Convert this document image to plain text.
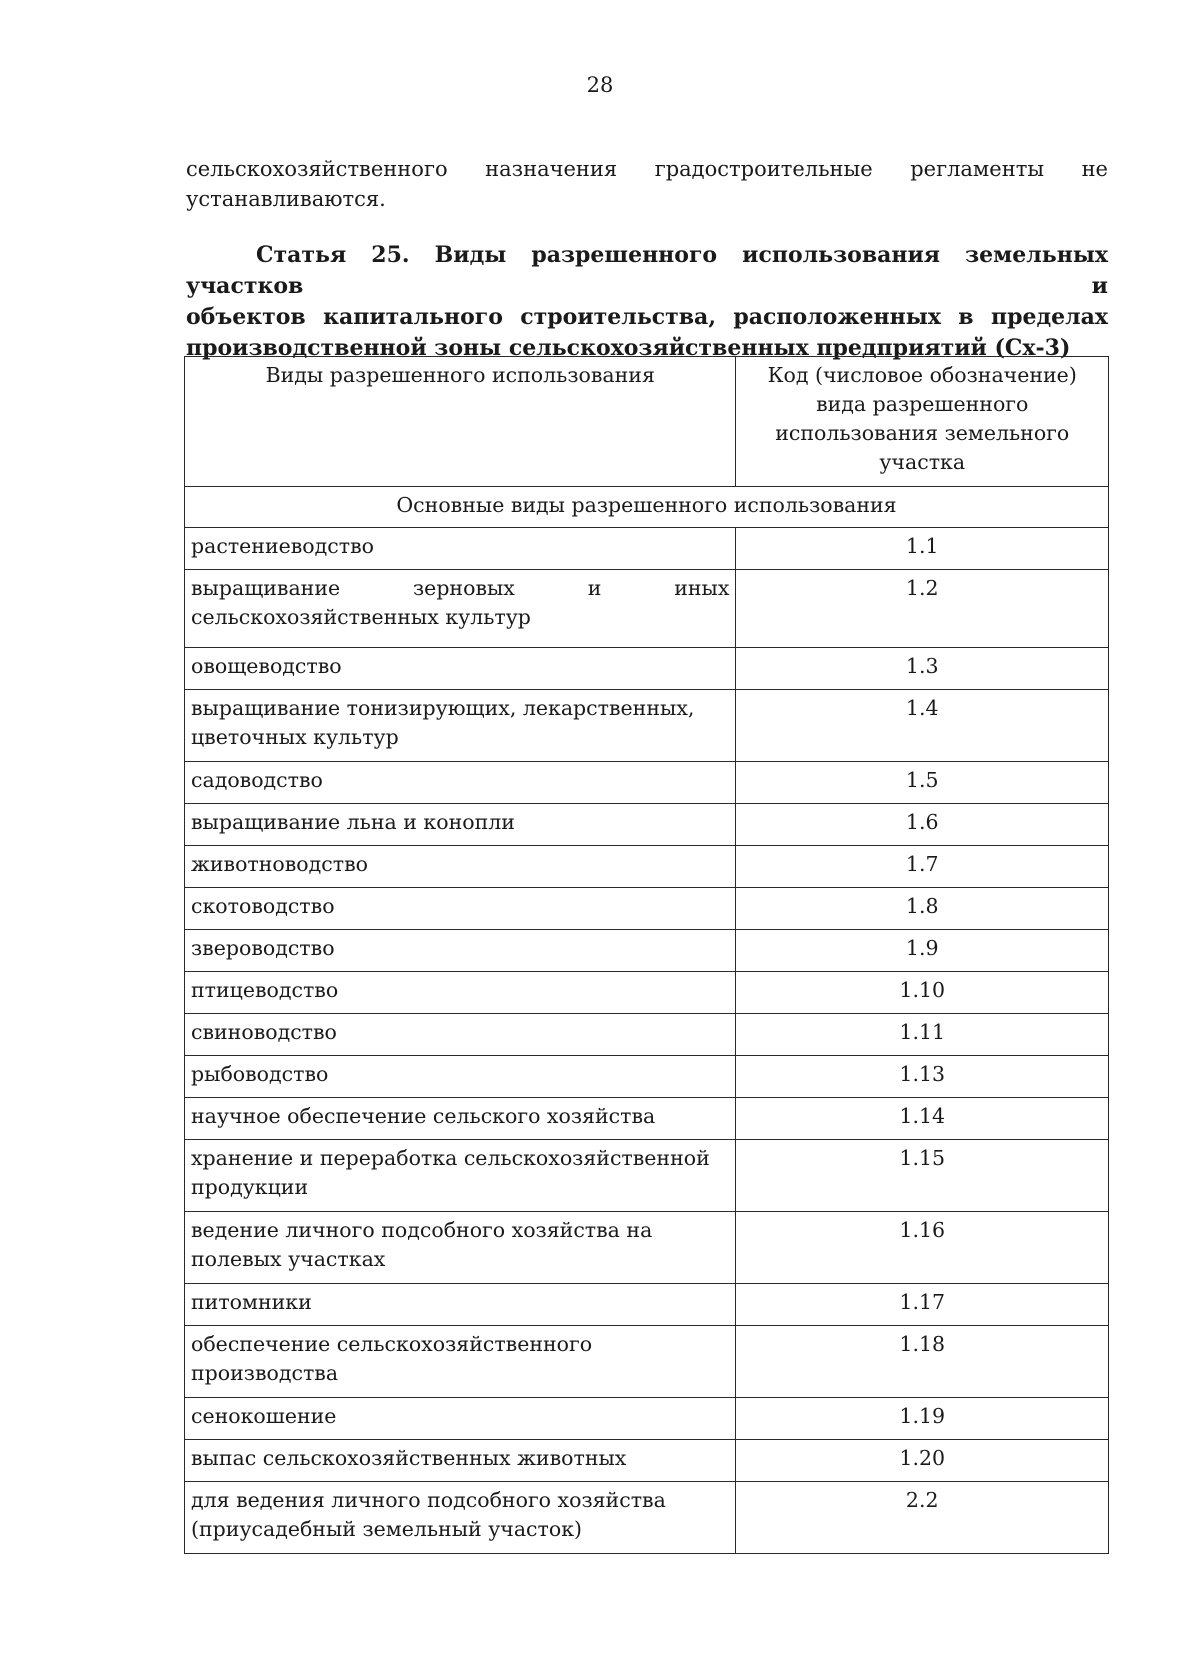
28
сельскохозяйственного назначения градостроительные регламенты не
устанавливаются.
Статья 25. Виды разрешенного использования земельных участков и
объектов капитального строительства, расположенных в пределах
производственной зоны сельскохозяйственных предприятий (Сх-3)
Виды разрешенного использования	Код (числовое обозначение) вида разрешенного использования земельного участка
Основные виды разрешенного использования	
растениеводство	1.1

выращивание зерновых и иных
сельскохозяйственных культур	1.2
овощеводство	1.3
выращивание тонизирующих, лекарственных, цветочных культур	1.4
садоводство	1.5
выращивание льна и конопли	1.6
животноводство	1.7
скотоводство	1.8
звероводство	1.9
птицеводство	1.10
свиноводство	1.11
рыбоводство	1.13
научное обеспечение сельского хозяйства	1.14
хранение и переработка сельскохозяйственной продукции	1.15
ведение личного подсобного хозяйства на полевых участках	1.16
питомники	1.17
обеспечение сельскохозяйственного производства	1.18
сенокошение	1.19
выпас сельскохозяйственных животных	1.20
для ведения личного подсобного хозяйства (приусадебный земельный участок)	2.2
